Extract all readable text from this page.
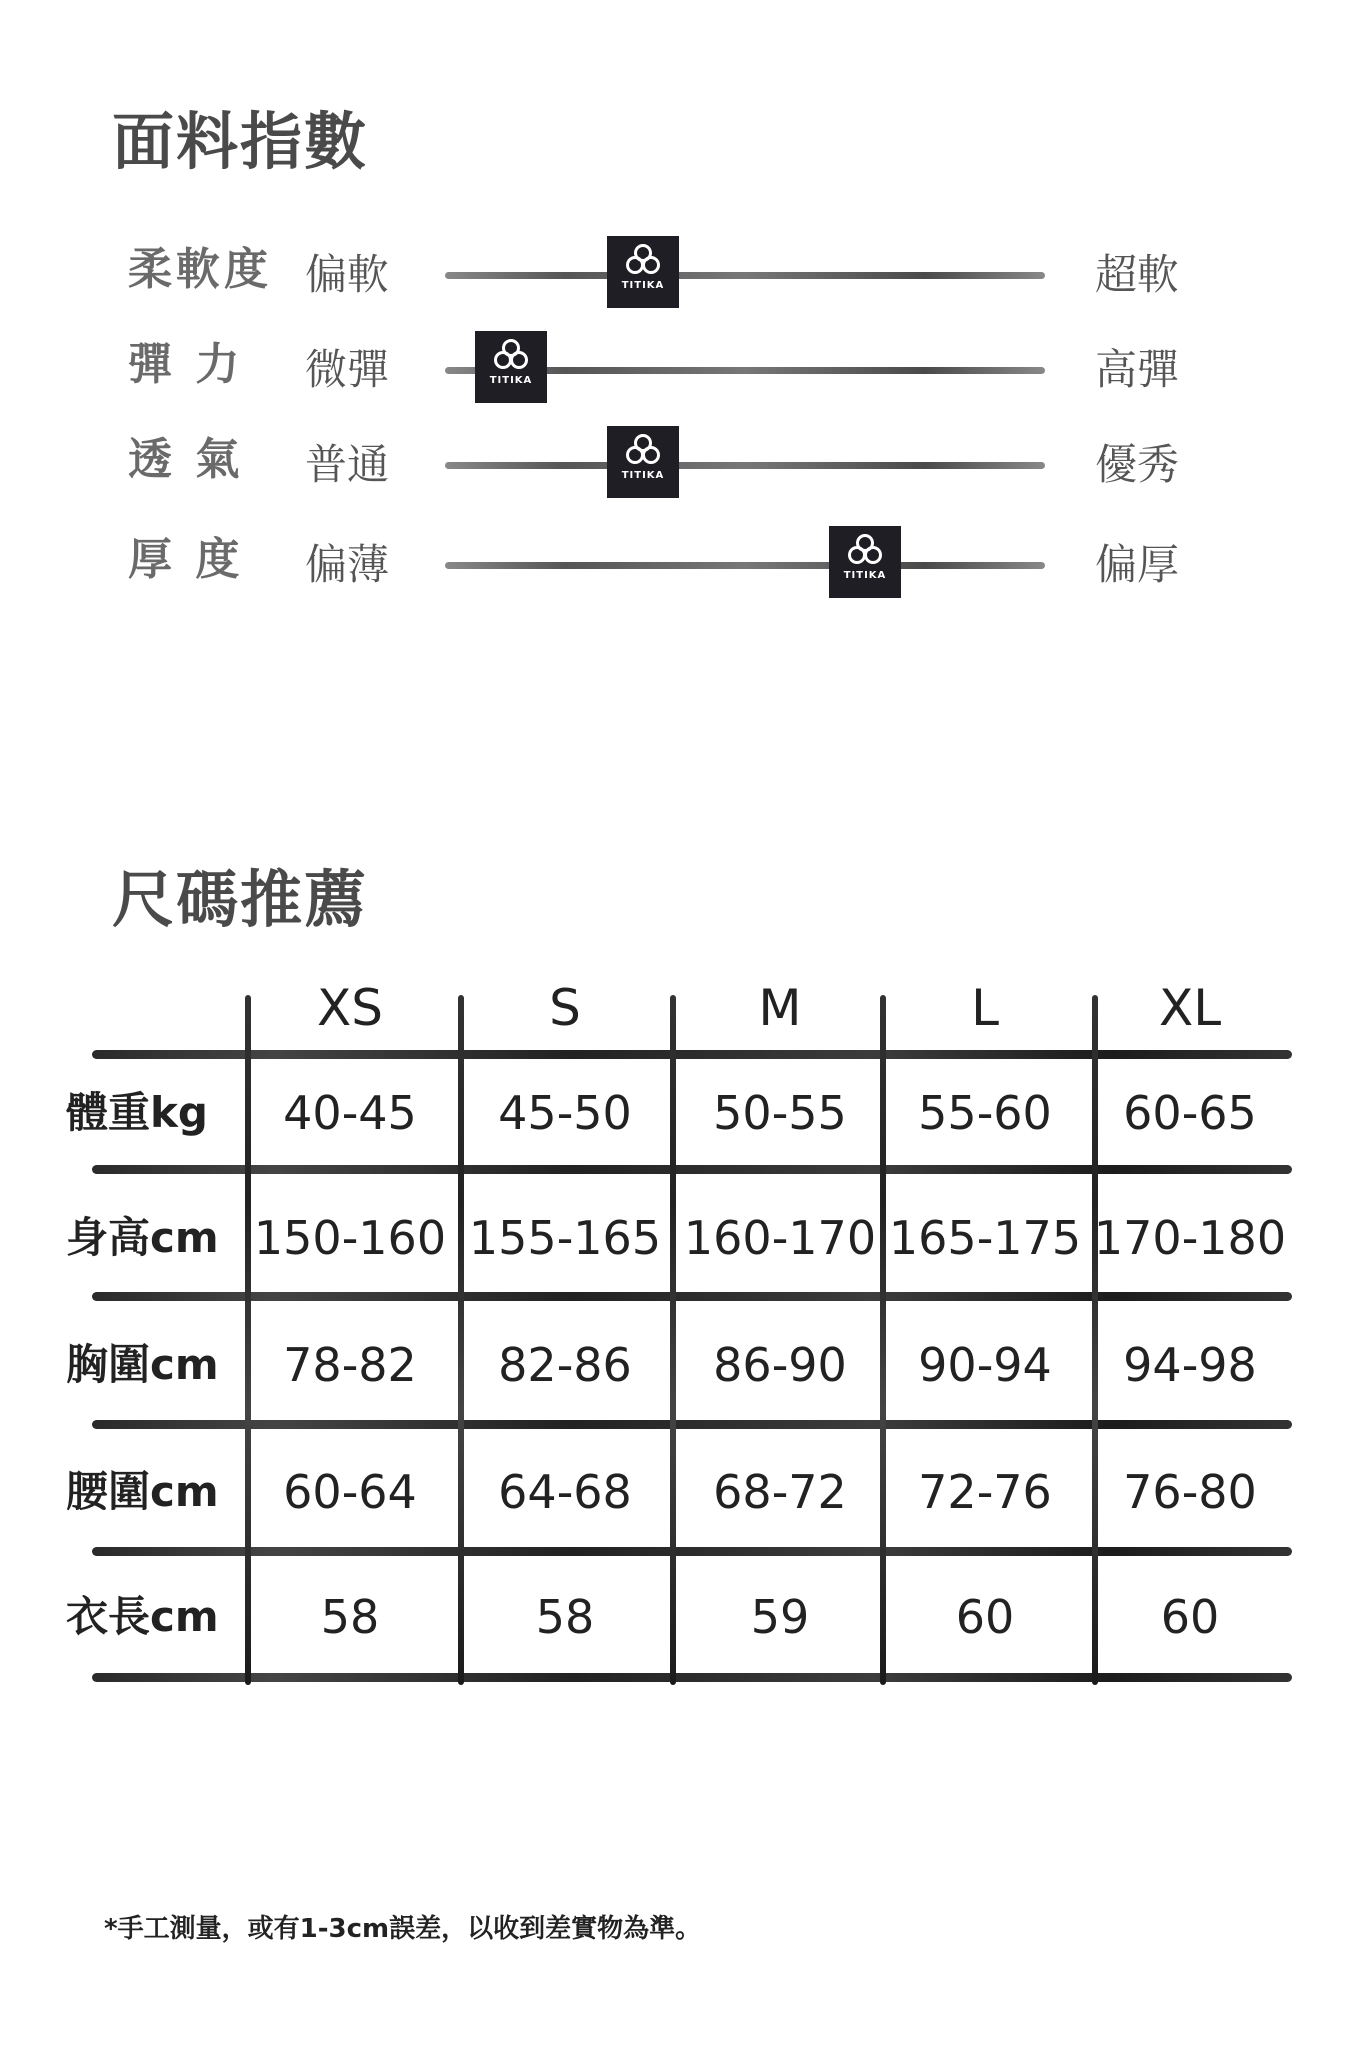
面料指數
柔軟度 偏軟	TITIKA	超軟
彈 力	微彈	TITIKA	高彈
透 氣	普通	TITIKA	優秀
厚 度	偏薄	TITIKA	偏厚
尺碼推薦
XS	S	M	L	XL
體重kg	40-45	45-50	50-55	55-60	60-65
身高cm 150-160 155-165 160-170 165-175 170-180
胸圍cm	78-82	82-86	86-90	90-94	94-98
腰圍cm	60-64	64-68	68-72	72-76	76-80
衣長cm	58	58	59	60	60
*手工測量，或有1-3cm誤差，以收到差實物為準。
